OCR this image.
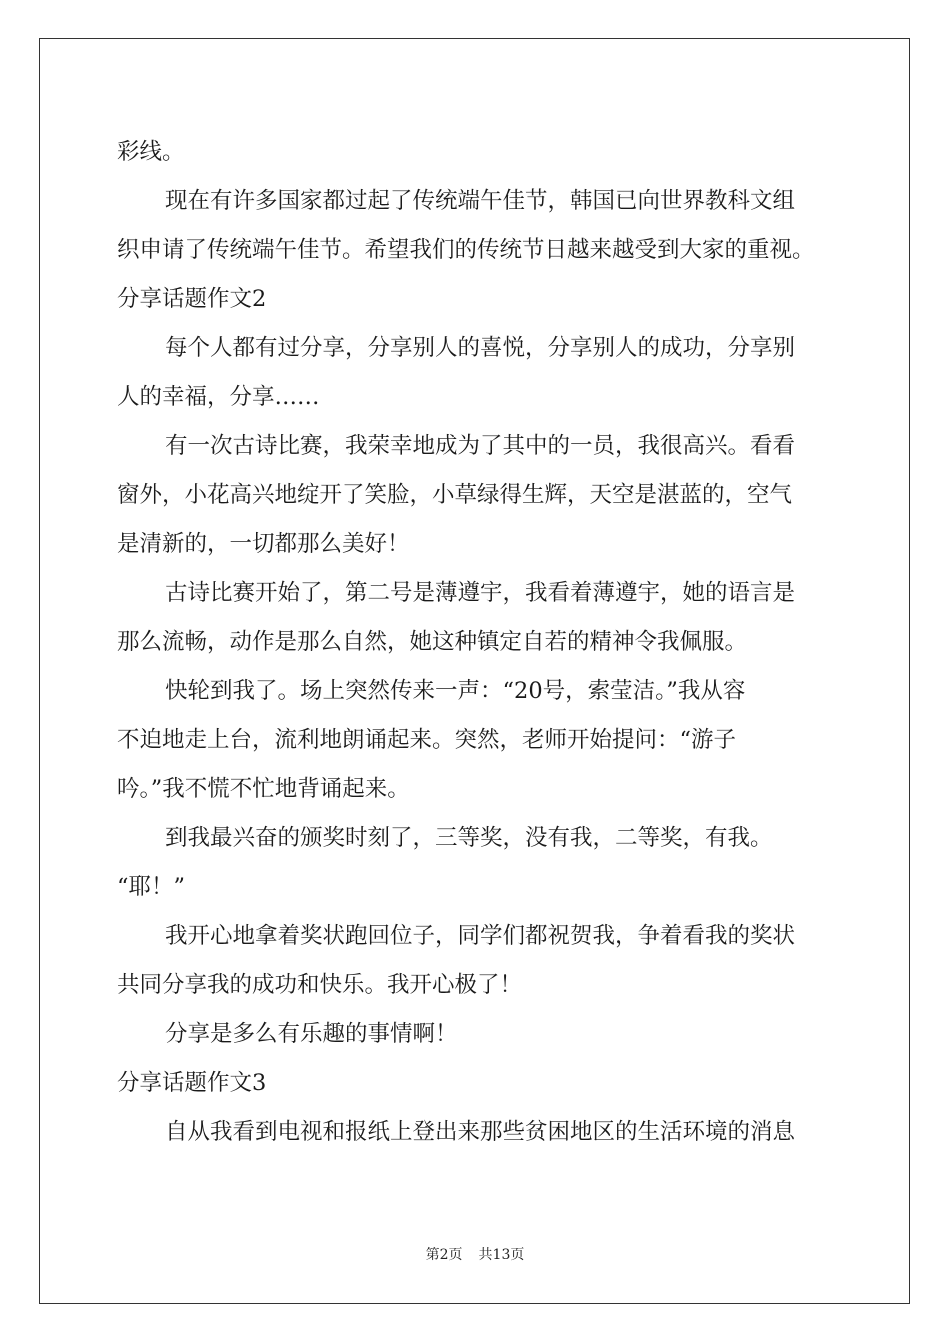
彩线。
现在有许多国家都过起了传统端午佳节，韩国已向世界教科文组
织申请了传统端午佳节。希望我们的传统节日越来越受到大家的重视。
分享话题作文2
每个人都有过分享，分享别人的喜悦，分享别人的成功，分享别
人的幸福，分享……
有一次古诗比赛，我荣幸地成为了其中的一员，我很高兴。看看
窗外，小花高兴地绽开了笑脸，小草绿得生辉，天空是湛蓝的，空气
是清新的，一切都那么美好！
古诗比赛开始了，第二号是薄遵宇，我看着薄遵宇，她的语言是
那么流畅，动作是那么自然，她这种镇定自若的精神令我佩服。
快轮到我了。场上突然传来一声：“20号，索莹洁。”我从容
不迫地走上台，流利地朗诵起来。突然，老师开始提问：“游子
吟。”我不慌不忙地背诵起来。
到我最兴奋的颁奖时刻了，三等奖，没有我，二等奖，有我。
“耶！”
我开心地拿着奖状跑回位子，同学们都祝贺我，争着看我的奖状
共同分享我的成功和快乐。我开心极了！
分享是多么有乐趣的事情啊！
分享话题作文3
自从我看到电视和报纸上登出来那些贫困地区的生活环境的消息
第2页 共13页
